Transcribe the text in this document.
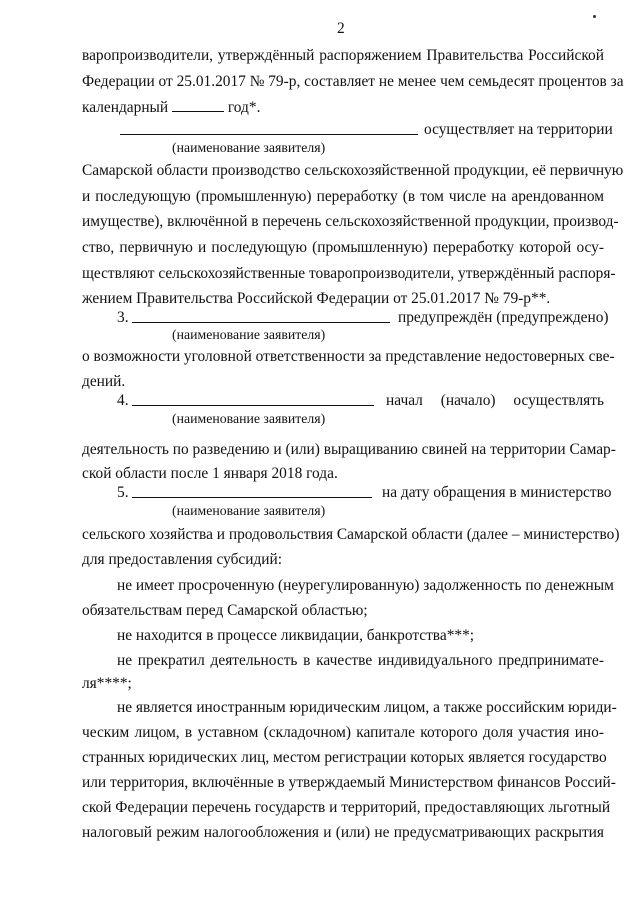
2
варопроизводители, утверждённый распоряжением Правительства Российской
Федерации от 25.01.2017 № 79-р, составляет не менее чем семьдесят процентов за
календарный	год*.
осуществляет на территории
(наименование заявителя)
Самарской области производство сельскохозяйственной продукции, её первичную
и последующую (промышленную) переработку (в том числе на арендованном
имуществе), включённой в перечень сельскохозяйственной продукции, производ-
ство, первичную и последующую (промышленную) переработку которой осу-
ществляют сельскохозяйственные товаропроизводители, утверждённый распоря-
жением Правительства Российской Федерации от 25.01.2017 № 79-р**.
3.	предупреждён (предупреждено)
(наименование заявителя)
о возможности уголовной ответственности за представление недостоверных све-
дений.
4.	начал (начало) осуществлять
(наименование заявителя)
деятельность по разведению и (или) выращиванию свиней на территории Самар-
ской области после 1 января 2018 года.
5.	на дату обращения в министерство
(наименование заявителя)
сельского хозяйства и продовольствия Самарской области (далее – министерство)
для предоставления субсидий:
не имеет просроченную (неурегулированную) задолженность по денежным
обязательствам перед Самарской областью;
не находится в процессе ликвидации, банкротства***;
не прекратил деятельность в качестве индивидуального предпринимате-
ля****;
не является иностранным юридическим лицом, а также российским юриди-
ческим лицом, в уставном (складочном) капитале которого доля участия ино-
странных юридических лиц, местом регистрации которых является государство
или территория, включённые в утверждаемый Министерством финансов Россий-
ской Федерации перечень государств и территорий, предоставляющих льготный
налоговый режим налогообложения и (или) не предусматривающих раскрытия
